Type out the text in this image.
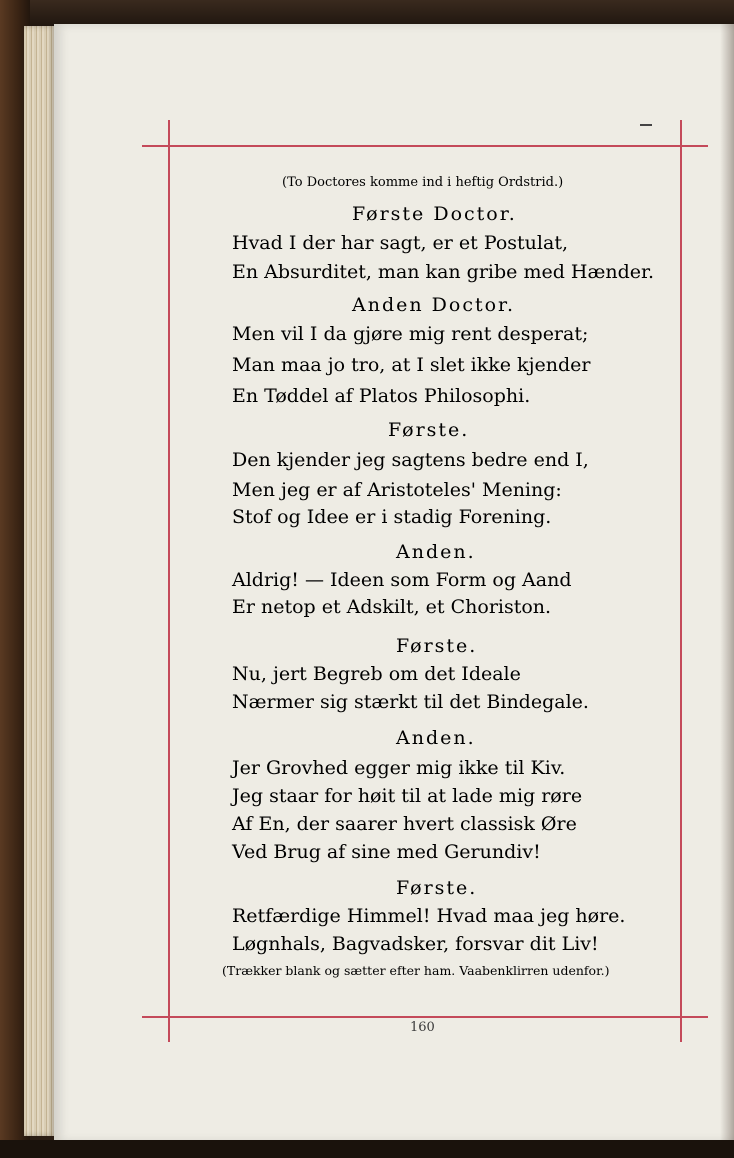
(To Doctores komme ind i heftig Ordstrid.)
Første Doctor.
Hvad I der har sagt, er et Postulat,
En Absurditet, man kan gribe med Hænder.
Anden Doctor.
Men vil I da gjøre mig rent desperat;
Man maa jo tro, at I slet ikke kjender
En Tøddel af Platos Philosophi.
Første.
Den kjender jeg sagtens bedre end I,
Men jeg er af Aristoteles' Mening:
Stof og Idee er i stadig Forening.
Anden.
Aldrig! — Ideen som Form og Aand
Er netop et Adskilt, et Choriston.
Første.
Nu, jert Begreb om det Ideale
Nærmer sig stærkt til det Bindegale.
Anden.
Jer Grovhed egger mig ikke til Kiv.
Jeg staar for høit til at lade mig røre
Af En, der saarer hvert classisk Øre
Ved Brug af sine med Gerundiv!
Første.
Retfærdige Himmel! Hvad maa jeg høre.
Løgnhals, Bagvadsker, forsvar dit Liv!
(Trækker blank og sætter efter ham. Vaabenklirren udenfor.)
160
